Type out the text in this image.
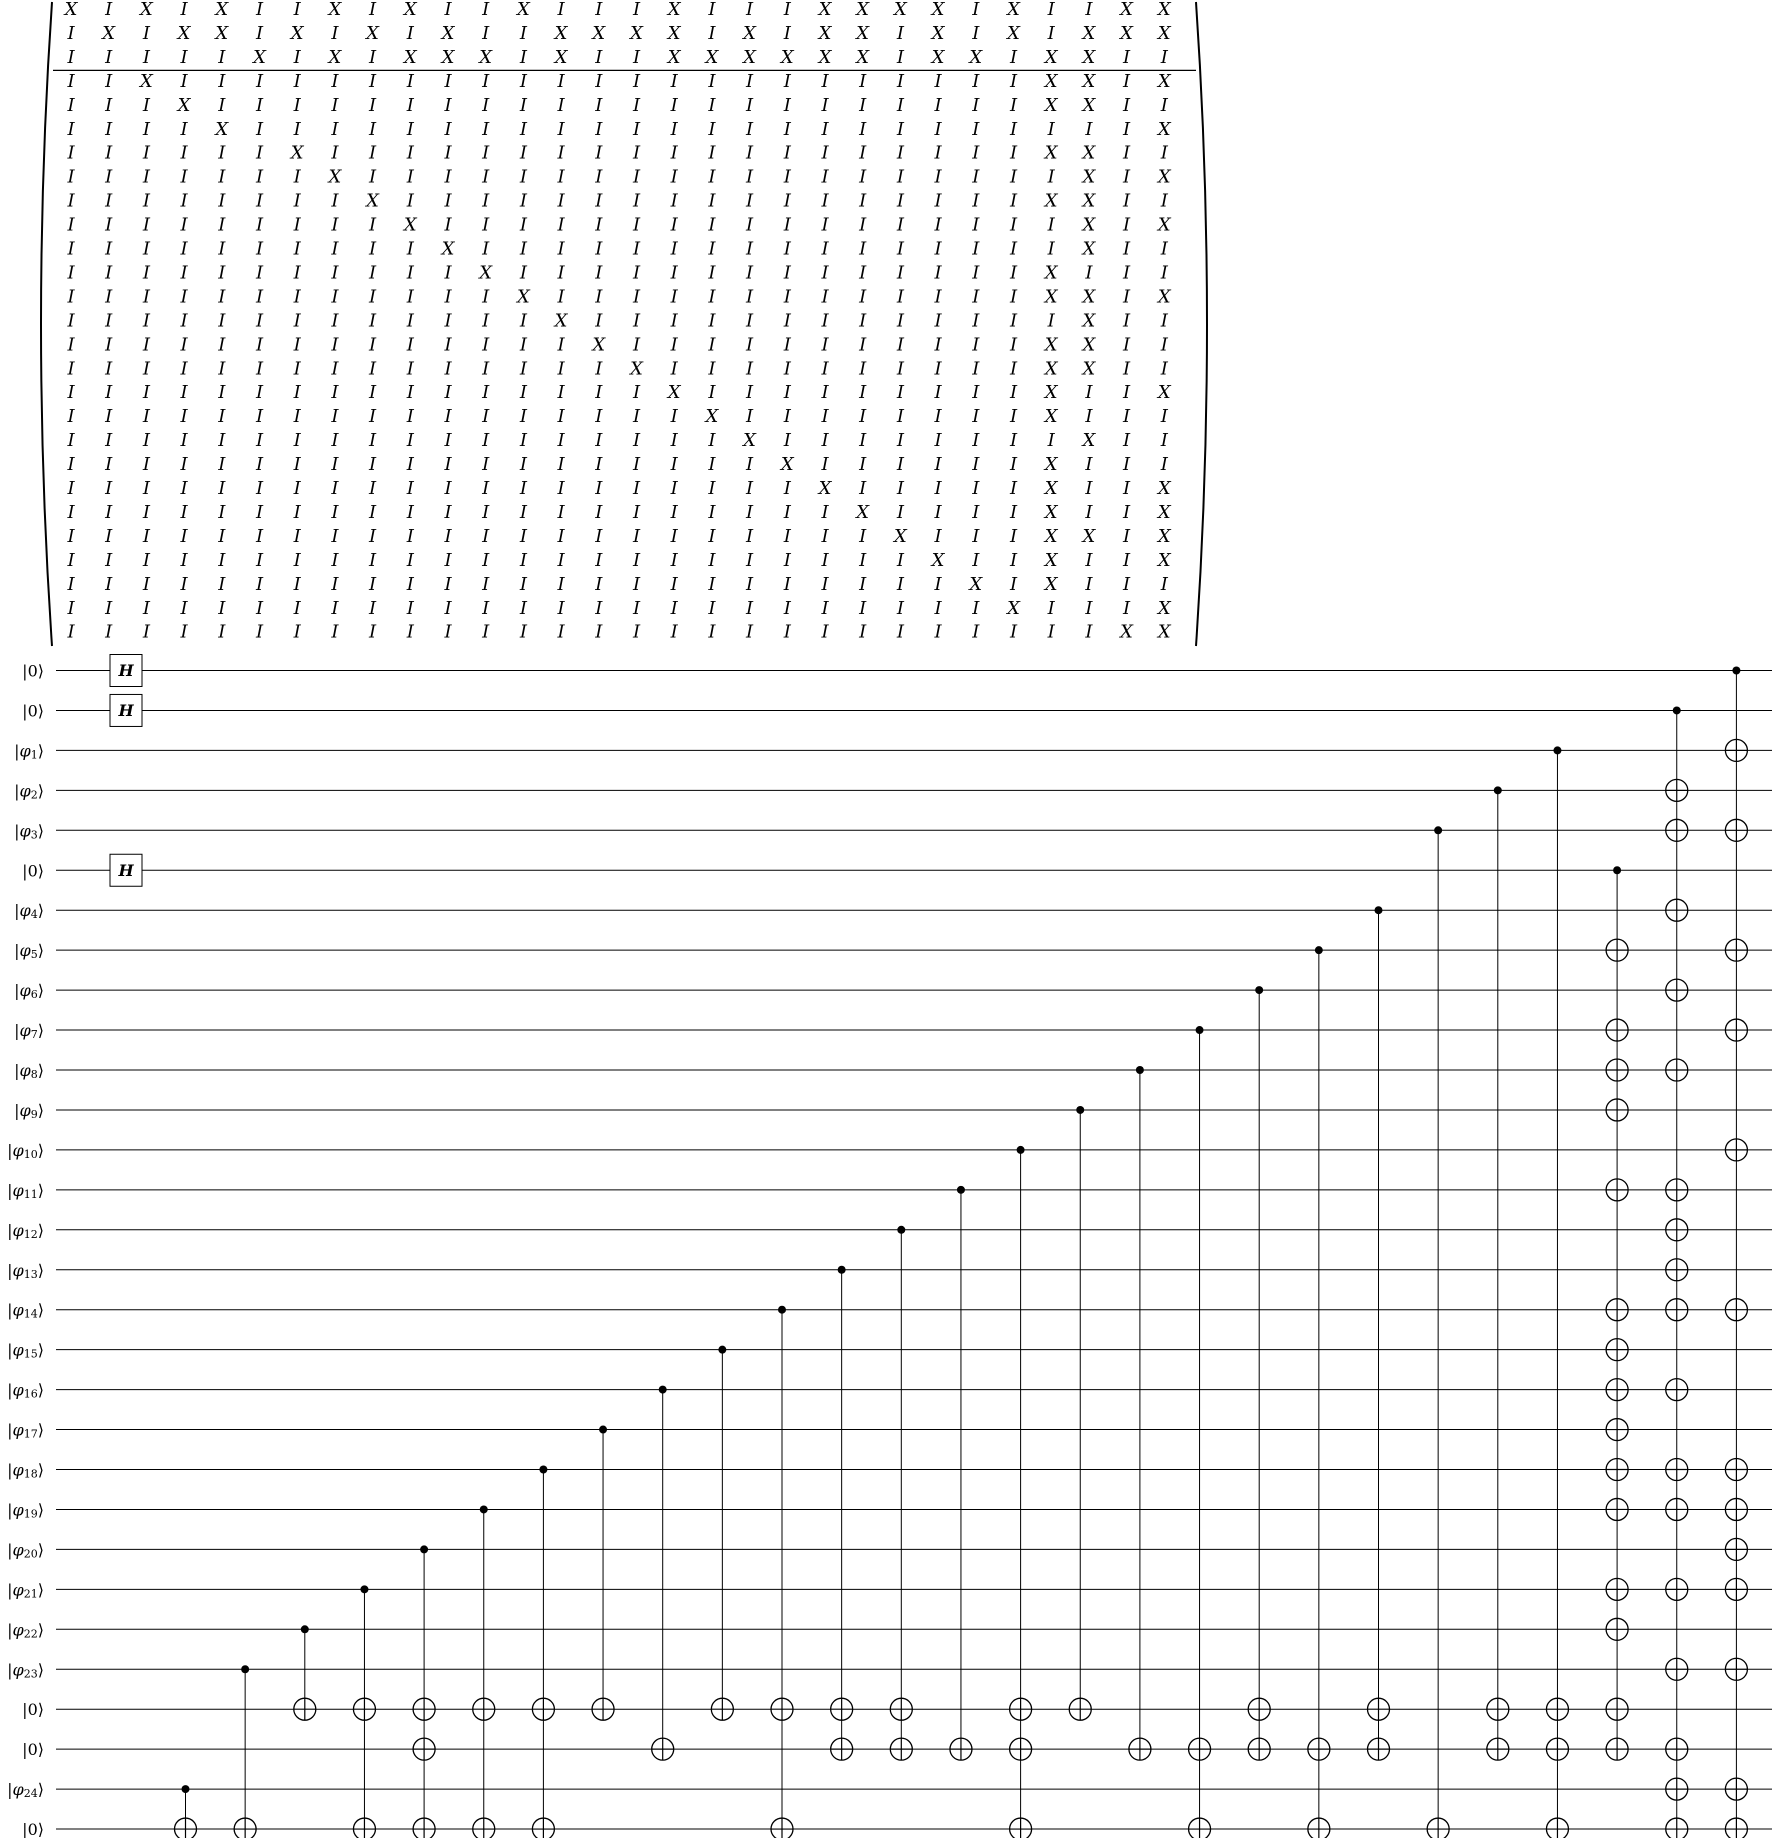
X I X I X I I X I X I I X I I I X I I I X X X X I X I I X X
I X I X X I X I X I X I I X X X X I X I X X I X I X I X X X
I I I I I X I X I X X X I X I I X X X X X X I X X I X X I I
I I X I I I I I I I I I I I I I I I I I I I I I I I X X I X
I I I X I I I I I I I I I I I I I I I I I I I I I I X X I I
I I I I X I I I I I I I I I I I I I I I I I I I I I I I I X
I I I I I I X I I I I I I I I I I I I I I I I I I I X X I I
I I I I I I I X I I I I I I I I I I I I I I I I I I I X I X
I I I I I I I I X I I I I I I I I I I I I I I I I I X X I I
I I I I I I I I I X I I I I I I I I I I I I I I I I I X I X
I I I I I I I I I I X I I I I I I I I I I I I I I I I X I I
I I I I I I I I I I I X I I I I I I I I I I I I I I X I I I
I I I I I I I I I I I I X I I I I I I I I I I I I I X X I X
I I I I I I I I I I I I I X I I I I I I I I I I I I I X I I
I I I I I I I I I I I I I I X I I I I I I I I I I I X X I I
I I I I I I I I I I I I I I I X I I I I I I I I I I X X I I
I I I I I I I I I I I I I I I I X I I I I I I I I I X I I X
I I I I I I I I I I I I I I I I I X I I I I I I I I X I I I
I I I I I I I I I I I I I I I I I I X I I I I I I I I X I I
I I I I I I I I I I I I I I I I I I I X I I I I I I X I I I
I I I I I I I I I I I I I I I I I I I I X I I I I I X I I X
I I I I I I I I I I I I I I I I I I I I I X I I I I X I I X
I I I I I I I I I I I I I I I I I I I I I I X I I I X X I X
I I I I I I I I I I I I I I I I I I I I I I I X I I X I I X
I I I I I I I I I I I I I I I I I I I I I I I I X I X I I I
I I I I I I I I I I I I I I I I I I I I I I I I I X I I I X
I I I I I I I I I I I I I I I I I I I I I I I I I I I I X X
|0⟩
|0⟩
$|\varphi_1⟩$
$|\varphi_2⟩$
$|\varphi_3⟩$
|0⟩
$|\varphi_4⟩$
$|\varphi_5⟩$
$|\varphi_6⟩$
$|\varphi_7⟩$
$|\varphi_8⟩$
$|\varphi_9⟩$
$|\varphi_{10}⟩$
$|\varphi_{11}⟩$
$|\varphi_{12}⟩$
$|\varphi_{13}⟩$
$|\varphi_{14}⟩$
$|\varphi_{15}⟩$
$|\varphi_{16}⟩$
$|\varphi_{17}⟩$
$|\varphi_{18}⟩$
$|\varphi_{19}⟩$
$|\varphi_{20}⟩$
$|\varphi_{21}⟩$
$|\varphi_{22}⟩$
$|\varphi_{23}⟩$
|0⟩
|0⟩
$|\varphi_{24}⟩$
|0⟩
H
H
H
